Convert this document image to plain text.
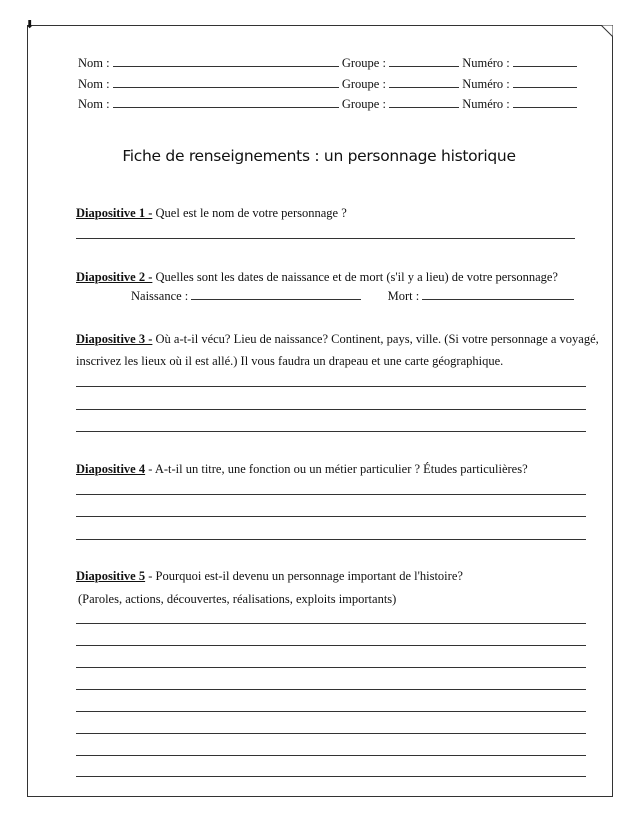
⬇
Nom :	Groupe :	Numéro :
Nom :	Groupe :	Numéro :
Nom :	Groupe :	Numéro :
Fiche de renseignements : un personnage historique
Diapositive 1 - Quel est le nom de votre personnage ?
Diapositive 2 - Quelles sont les dates de naissance et de mort (s'il y a lieu) de votre personnage?
Naissance :	Mort :
Diapositive 3 - Où a-t-il vécu? Lieu de naissance? Continent, pays, ville. (Si votre personnage a voyagé,
inscrivez les lieux où il est allé.) Il vous faudra un drapeau et une carte géographique.
Diapositive 4 - A-t-il un titre, une fonction ou un métier particulier ? Études particulières?
Diapositive 5 - Pourquoi est-il devenu un personnage important de l'histoire?
(Paroles, actions, découvertes, réalisations, exploits importants)
